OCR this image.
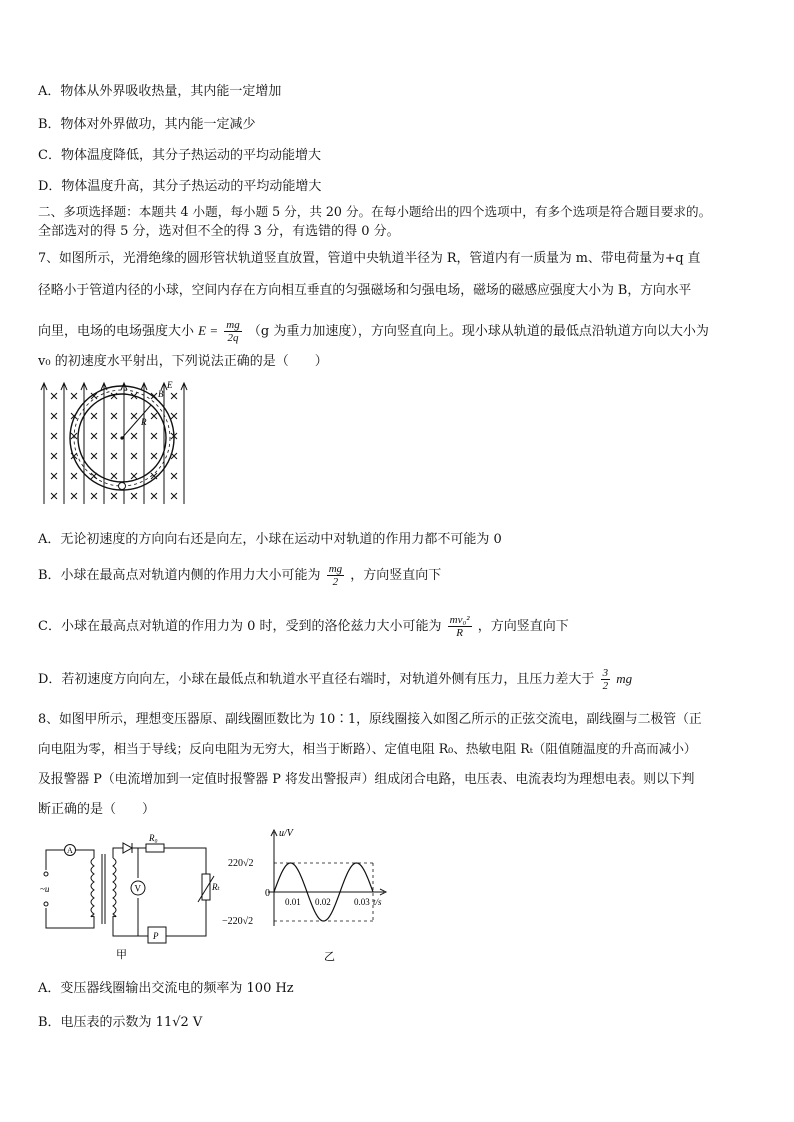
A．物体从外界吸收热量，其内能一定增加
B．物体对外界做功，其内能一定减少
C．物体温度降低，其分子热运动的平均动能增大
D．物体温度升高，其分子热运动的平均动能增大
二、多项选择题：本题共 4 小题，每小题 5 分，共 20 分。在每小题给出的四个选项中，有多个选项是符合题目要求的。
全部选对的得 5 分，选对但不全的得 3 分，有选错的得 0 分。
7、如图所示，光滑绝缘的圆形管状轨道竖直放置，管道中央轨道半径为 R，管道内有一质量为 m、带电荷量为+q 直
径略小于管道内径的小球，空间内存在方向相互垂直的匀强磁场和匀强电场，磁场的磁感应强度大小为 B，方向水平
向里，电场的电场强度大小 $E = \frac{mg}{2q} (g$ 为重力加速度），方向竖直向上。现小球从轨道的最低点沿轨道方向以大小为
v₀ 的初速度水平射出，下列说法正确的是（　　）
E
B
R
A．无论初速度的方向向右还是向左，小球在运动中对轨道的作用力都不可能为 0
B．小球在最高点对轨道内侧的作用力大小可能为 $\frac{mg}{2}$ ，方向竖直向下
C．小球在最高点对轨道的作用力为 0 时，受到的洛伦兹力大小可能为 $\frac{\text{mv₀²}}{R}$ ，方向竖直向下
D．若初速度方向向左，小球在最低点和轨道水平直径右端时，对轨道外侧有压力，且压力差大于 $\frac{3}{2}$ mg
8、如图甲所示，理想变压器原、副线圈匝数比为 10∶1，原线圈接入如图乙所示的正弦交流电，副线圈与二极管（正
向电阻为零，相当于导线；反向电阻为无穷大，相当于断路）、定值电阻 R₀、热敏电阻 Rₜ（阻值随温度的升高而减小）
及报警器 P（电流增加到一定值时报警器 P 将发出警报声）组成闭合电路，电压表、电流表均为理想电表。则以下判
断正确的是（　　）
A
V
~u
R₀
Rₜ
P
甲
u/V
220√2
0
−220√2
0.01 0.02	0.03 t/s
乙
A．变压器线圈输出交流电的频率为 100 Hz
B．电压表的示数为 11√2 V
